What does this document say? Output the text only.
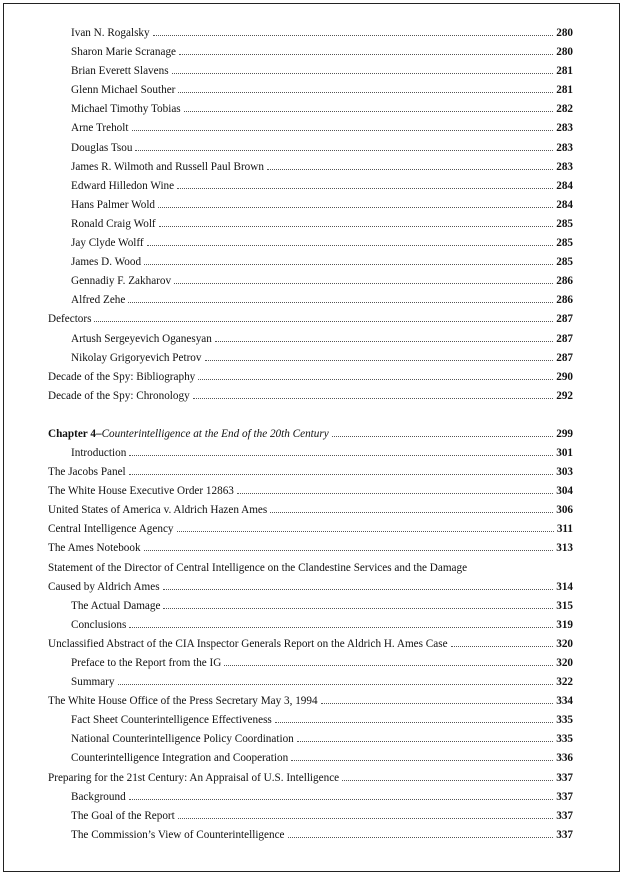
Ivan N. Rogalsky	280
Sharon Marie Scranage	280
Brian Everett Slavens	281
Glenn Michael Souther	281
Michael Timothy Tobias	282
Arne Treholt	283
Douglas Tsou	283
James R. Wilmoth and Russell Paul Brown	283
Edward Hilledon Wine	284
Hans Palmer Wold	284
Ronald Craig Wolf	285
Jay Clyde Wolff	285
James D. Wood	285
Gennadiy F. Zakharov	286
Alfred Zehe	286
Defectors	287
Artush Sergeyevich Oganesyan	287
Nikolay Grigoryevich Petrov	287
Decade of the Spy: Bibliography	290
Decade of the Spy: Chronology	292
Chapter 4–Counterintelligence at the End of the 20th Century	299
Introduction	301
The Jacobs Panel	303
The White House Executive Order 12863	304
United States of America v. Aldrich Hazen Ames	306
Central Intelligence Agency	311
The Ames Notebook	313
Statement of the Director of Central Intelligence on the Clandestine Services and the Damage
Caused by Aldrich Ames	314
The Actual Damage	315
Conclusions	319
Unclassified Abstract of the CIA Inspector Generals Report on the Aldrich H. Ames Case	320
Preface to the Report from the IG	320
Summary	322
The White House Office of the Press Secretary May 3, 1994	334
Fact Sheet Counterintelligence Effectiveness	335
National Counterintelligence Policy Coordination	335
Counterintelligence Integration and Cooperation	336
Preparing for the 21st Century: An Appraisal of U.S. Intelligence	337
Background	337
The Goal of the Report	337
The Commission’s View of Counterintelligence	337
